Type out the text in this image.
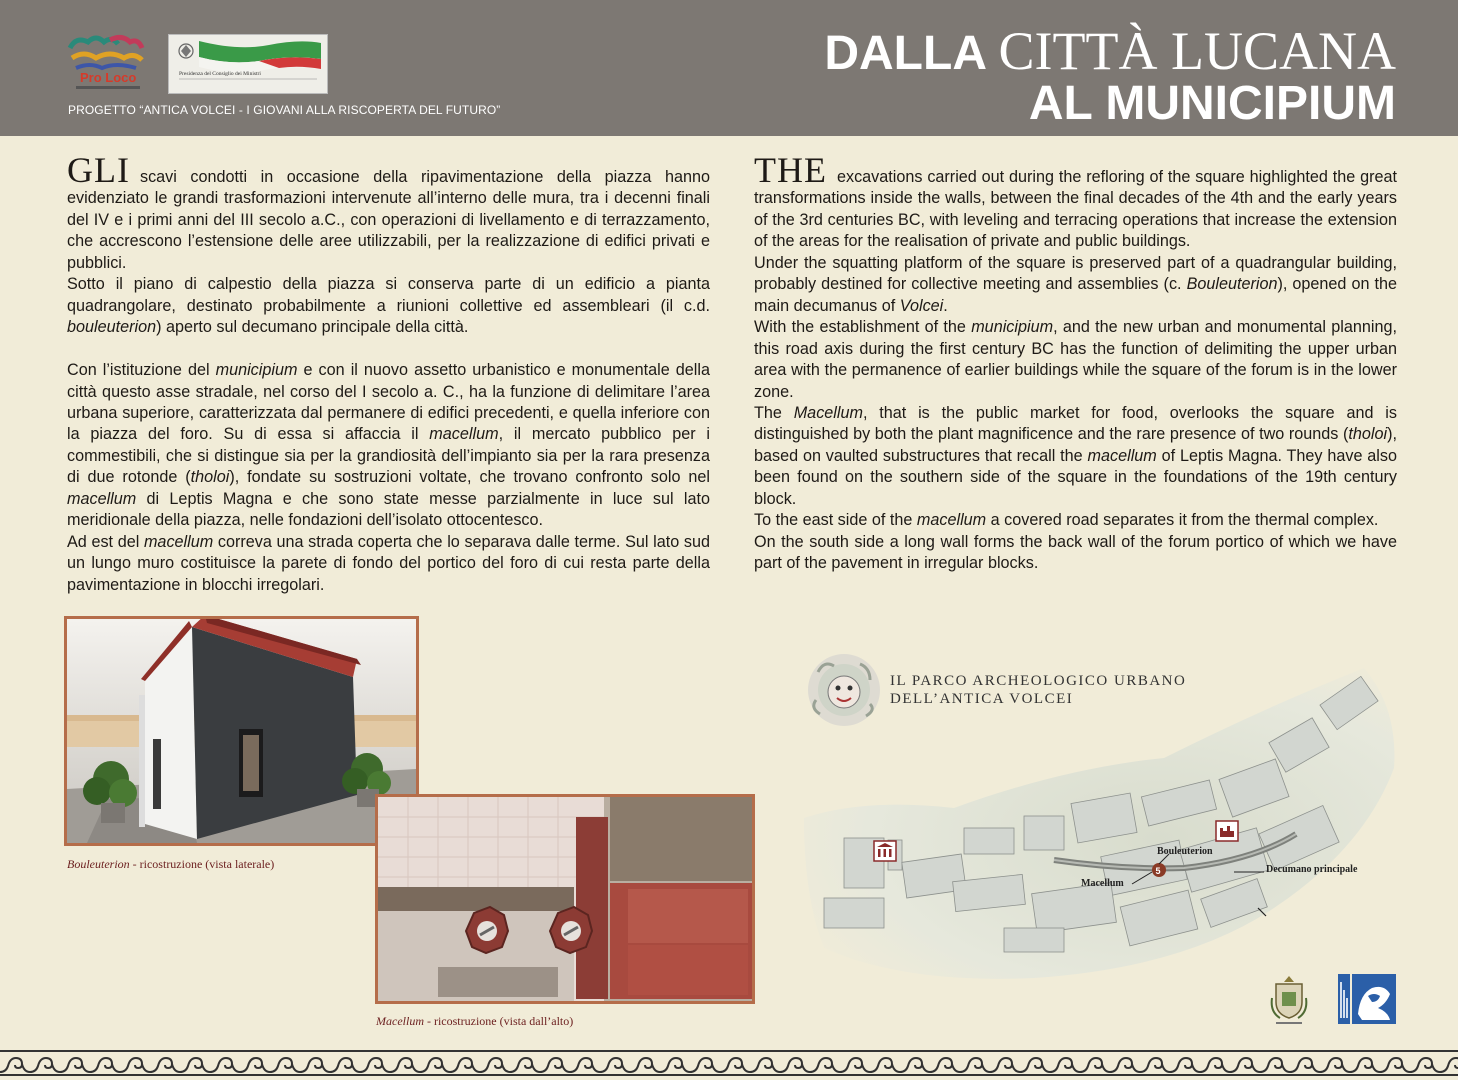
Pro Loco	Presidenza del Consiglio dei Ministri
PROGETTO “ANTICA VOLCEI - I GIOVANI ALLA RISCOPERTA DEL FUTURO”
DALLA CITTÀ LUCANA
AL MUNICIPIUM

GLI scavi condotti in occasione della ripavimentazione della piazza hanno evidenziato le grandi trasformazioni intervenute all’interno delle mura, tra i decenni finali del IV e i primi anni del III secolo a.C., con operazioni di livellamento e di terrazzamento, che accrescono l’estensione delle aree utilizzabili, per la realizzazione di edifici privati e pubblici.

Sotto il piano di calpestio della piazza si conserva parte di un edificio a pianta quadrangolare, destinato probabilmente a riunioni collettive ed assembleari (il c.d. bouleuterion) aperto sul decumano principale della città.

Con l’istituzione del municipium e con il nuovo assetto urbanistico e monumentale della città questo asse stradale, nel corso del I secolo a. C., ha la funzione di delimitare l’area urbana superiore, caratterizzata dal permanere di edifici precedenti, e quella inferiore con la piazza del foro. Su di essa si affaccia il macellum, il mercato pubblico per i commestibili, che si distingue sia per la grandiosità dell’impianto sia per la rara presenza di due rotonde (tholoi), fondate su sostruzioni voltate, che trovano confronto solo nel macellum di Leptis Magna e che sono state messe parzialmente in luce sul lato meridionale della piazza, nelle fondazioni dell’isolato ottocentesco.

Ad est del macellum correva una strada coperta che lo separava dalle terme. Sul lato sud un lungo muro costituisce la parete di fondo del portico del foro di cui resta parte della pavimentazione in blocchi irregolari.

THE excavations carried out during the refloring of the square highlighted the great transformations inside the walls, between the final decades of the 4th and the early years of the 3rd centuries BC, with leveling and terracing operations that increase the extension of the areas for the realisation of private and public buildings.

Under the squatting platform of the square is preserved part of a quadrangular building, probably destined for collective meeting and assemblies (c. Bouleuterion), opened on the main decumanus of Volcei.

With the establishment of the municipium, and the new urban and monumental planning, this road axis during the first century BC has the function of delimiting the upper urban area with the permanence of earlier buildings while the square of the forum is in the lower zone.

The Macellum, that is the public market for food, overlooks the square and is distinguished by both the plant magnificence and the rare presence of two rounds (tholoi), based on vaulted substructures that recall the macellum of Leptis Magna. They have also been found on the southern side of the square in the foundations of the 19th century block.

To the east side of the macellum a covered road separates it from the thermal complex.

On the south side a long wall forms the back wall of the forum portico of which we have part of the pavement in irregular blocks.

Bouleuterion - ricostruzione (vista laterale)
Macellum - ricostruzione (vista dall’alto)
5
IL PARCO ARCHEOLOGICO URBANO
DELL’ANTICA VOLCEI
Bouleuterion
Macellum
Decumano principale
